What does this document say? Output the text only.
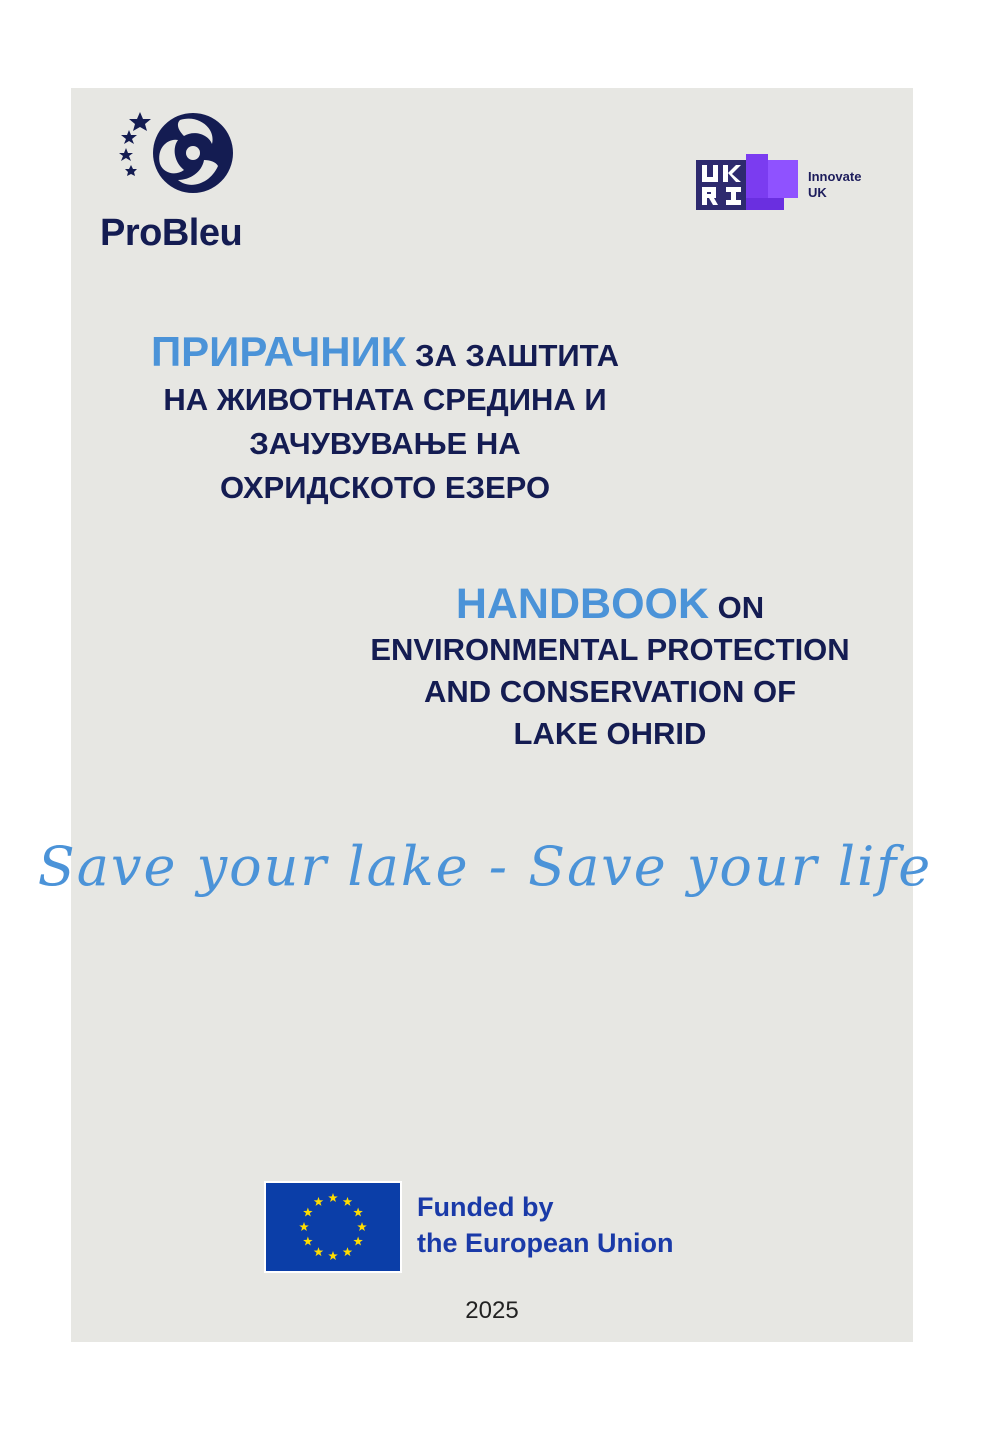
ProBleu
Innovate
UK
ПРИРАЧНИК ЗА ЗАШТИТА
НА ЖИВОТНАТА СРЕДИНА И
ЗАЧУВУВАЊЕ НА
ОХРИДСКОТО ЕЗЕРО
HANDBOOK ON
ENVIRONMENTAL PROTECTION
AND CONSERVATION OF
LAKE OHRID
Save your lake - Save your life
Funded by
the European Union
2025
